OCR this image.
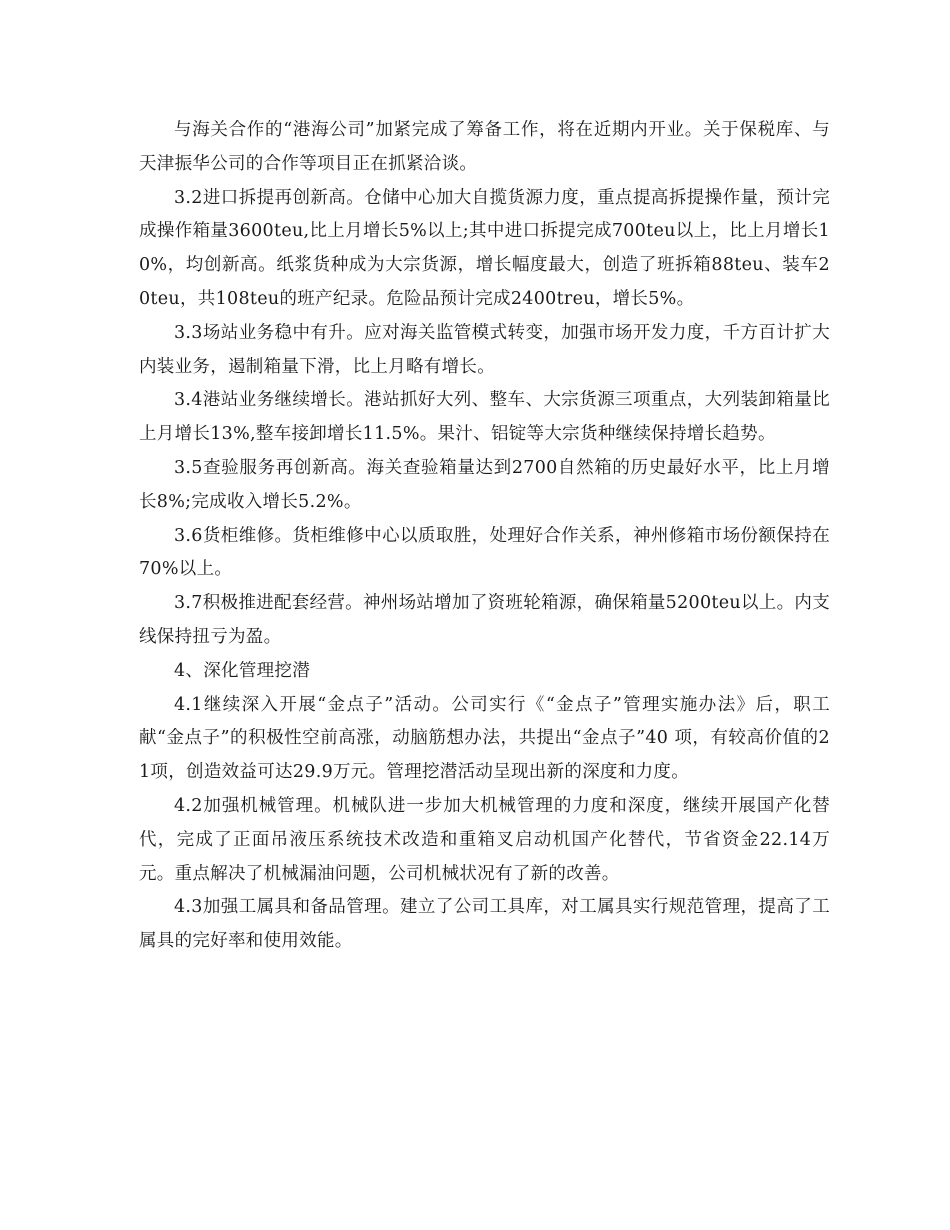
与海关合作的“港海公司”加紧完成了筹备工作，将在近期内开业。关于保税库、与天津振华公司的合作等项目正在抓紧洽谈。

3.2进口拆提再创新高。仓储中心加大自揽货源力度，重点提高拆提操作量，预计完成操作箱量3600teu,比上月增长5%以上;其中进口拆提完成700teu以上，比上月增长10%，均创新高。纸浆货种成为大宗货源，增长幅度最大，创造了班拆箱88teu、装车20teu，共108teu的班产纪录。危险品预计完成2400treu，增长5%。

3.3场站业务稳中有升。应对海关监管模式转变，加强市场开发力度，千方百计扩大内装业务，遏制箱量下滑，比上月略有增长。

3.4港站业务继续增长。港站抓好大列、整车、大宗货源三项重点，大列装卸箱量比上月增长13%,整车接卸增长11.5%。果汁、铝锭等大宗货种继续保持增长趋势。

3.5查验服务再创新高。海关查验箱量达到2700自然箱的历史最好水平，比上月增长8%;完成收入增长5.2%。

3.6货柜维修。货柜维修中心以质取胜，处理好合作关系，神州修箱市场份额保持在70%以上。

3.7积极推进配套经营。神州场站增加了资班轮箱源，确保箱量5200teu以上。内支线保持扭亏为盈。

4、深化管理挖潜

4.1继续深入开展“金点子”活动。公司实行《“金点子”管理实施办法》后，职工献“金点子”的积极性空前高涨，动脑筋想办法，共提出“金点子”40 项，有较高价值的21项，创造效益可达29.9万元。管理挖潜活动呈现出新的深度和力度。

4.2加强机械管理。机械队进一步加大机械管理的力度和深度，继续开展国产化替代，完成了正面吊液压系统技术改造和重箱叉启动机国产化替代，节省资金22.14万元。重点解决了机械漏油问题，公司机械状况有了新的改善。

4.3加强工属具和备品管理。建立了公司工具库，对工属具实行规范管理，提高了工属具的完好率和使用效能。
